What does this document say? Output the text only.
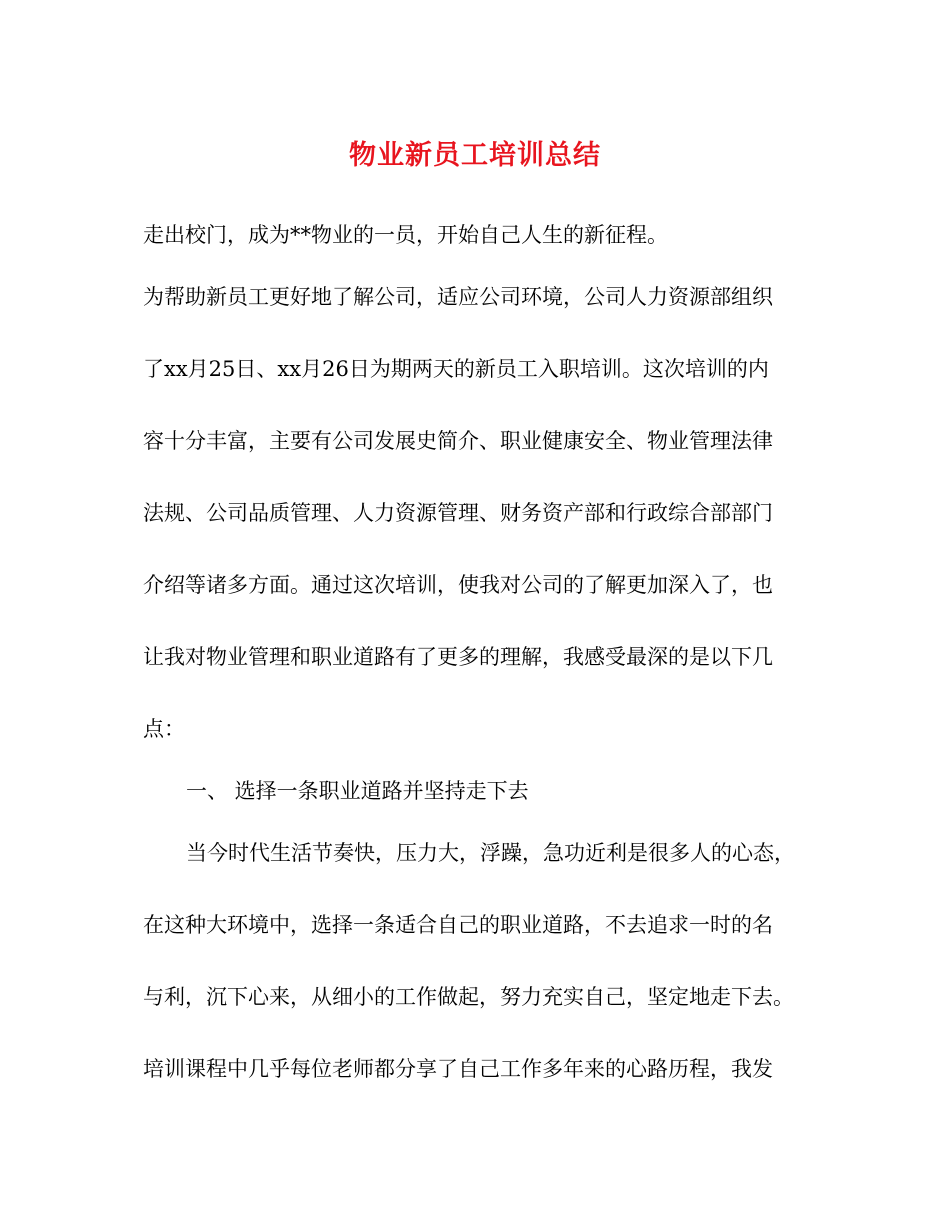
物业新员工培训总结
走出校门，成为**物业的一员，开始自己人生的新征程。
为帮助新员工更好地了解公司，适应公司环境，公司人力资源部组织
了xx月25日、xx月26日为期两天的新员工入职培训。这次培训的内
容十分丰富，主要有公司发展史简介、职业健康安全、物业管理法律
法规、公司品质管理、人力资源管理、财务资产部和行政综合部部门
介绍等诸多方面。通过这次培训，使我对公司的了解更加深入了，也
让我对物业管理和职业道路有了更多的理解，我感受最深的是以下几
点：
一、 选择一条职业道路并坚持走下去
当今时代生活节奏快，压力大，浮躁，急功近利是很多人的心态，
在这种大环境中，选择一条适合自己的职业道路，不去追求一时的名
与利，沉下心来，从细小的工作做起，努力充实自己，坚定地走下去。
培训课程中几乎每位老师都分享了自己工作多年来的心路历程，我发
